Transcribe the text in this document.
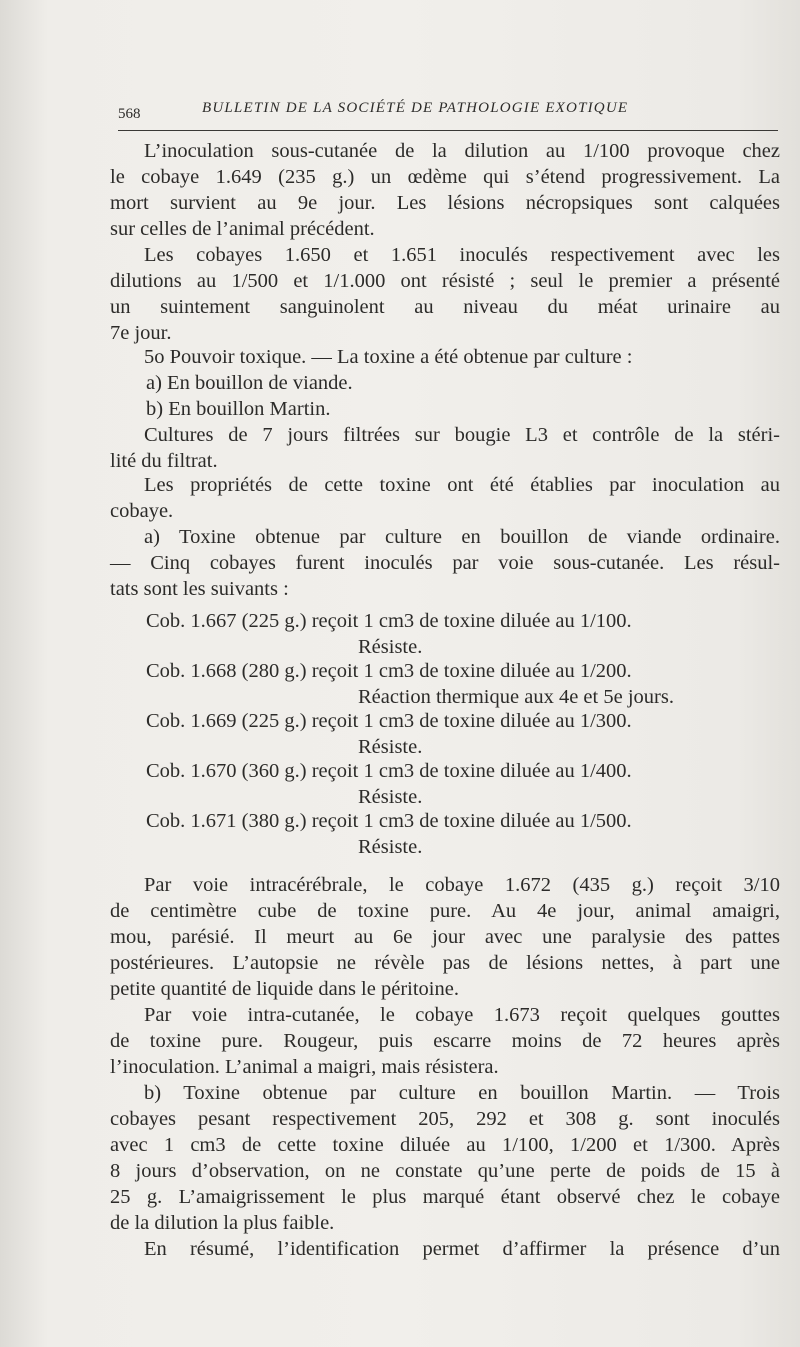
568	BULLETIN DE LA SOCIÉTÉ DE PATHOLOGIE EXOTIQUE
L’inoculation sous-cutanée de la dilution au 1/100 provoque chez
le cobaye 1.649 (235 g.) un œdème qui s’étend progressivement. La
mort survient au 9e jour. Les lésions nécropsiques sont calquées
sur celles de l’animal précédent.
Les cobayes 1.650 et 1.651 inoculés respectivement avec les
dilutions au 1/500 et 1/1.000 ont résisté ; seul le premier a présenté
un suintement sanguinolent au niveau du méat urinaire au
7e jour.
5o Pouvoir toxique. — La toxine a été obtenue par culture :
a) En bouillon de viande.
b) En bouillon Martin.
Cultures de 7 jours filtrées sur bougie L3 et contrôle de la stéri-
lité du filtrat.
Les propriétés de cette toxine ont été établies par inoculation au
cobaye.
a) Toxine obtenue par culture en bouillon de viande ordinaire.
— Cinq cobayes furent inoculés par voie sous-cutanée. Les résul-
tats sont les suivants :
Cob. 1.667 (225 g.) reçoit 1 cm3 de toxine diluée au 1/100.
Résiste.
Cob. 1.668 (280 g.) reçoit 1 cm3 de toxine diluée au 1/200.
Réaction thermique aux 4e et 5e jours.
Cob. 1.669 (225 g.) reçoit 1 cm3 de toxine diluée au 1/300.
Résiste.
Cob. 1.670 (360 g.) reçoit 1 cm3 de toxine diluée au 1/400.
Résiste.
Cob. 1.671 (380 g.) reçoit 1 cm3 de toxine diluée au 1/500.
Résiste.
Par voie intracérébrale, le cobaye 1.672 (435 g.) reçoit 3/10
de centimètre cube de toxine pure. Au 4e jour, animal amaigri,
mou, parésié. Il meurt au 6e jour avec une paralysie des pattes
postérieures. L’autopsie ne révèle pas de lésions nettes, à part une
petite quantité de liquide dans le péritoine.
Par voie intra-cutanée, le cobaye 1.673 reçoit quelques gouttes
de toxine pure. Rougeur, puis escarre moins de 72 heures après
l’inoculation. L’animal a maigri, mais résistera.
b) Toxine obtenue par culture en bouillon Martin. — Trois
cobayes pesant respectivement 205, 292 et 308 g. sont inoculés
avec 1 cm3 de cette toxine diluée au 1/100, 1/200 et 1/300. Après
8 jours d’observation, on ne constate qu’une perte de poids de 15 à
25 g. L’amaigrissement le plus marqué étant observé chez le cobaye
de la dilution la plus faible.
En résumé, l’identification permet d’affirmer la présence d’un
